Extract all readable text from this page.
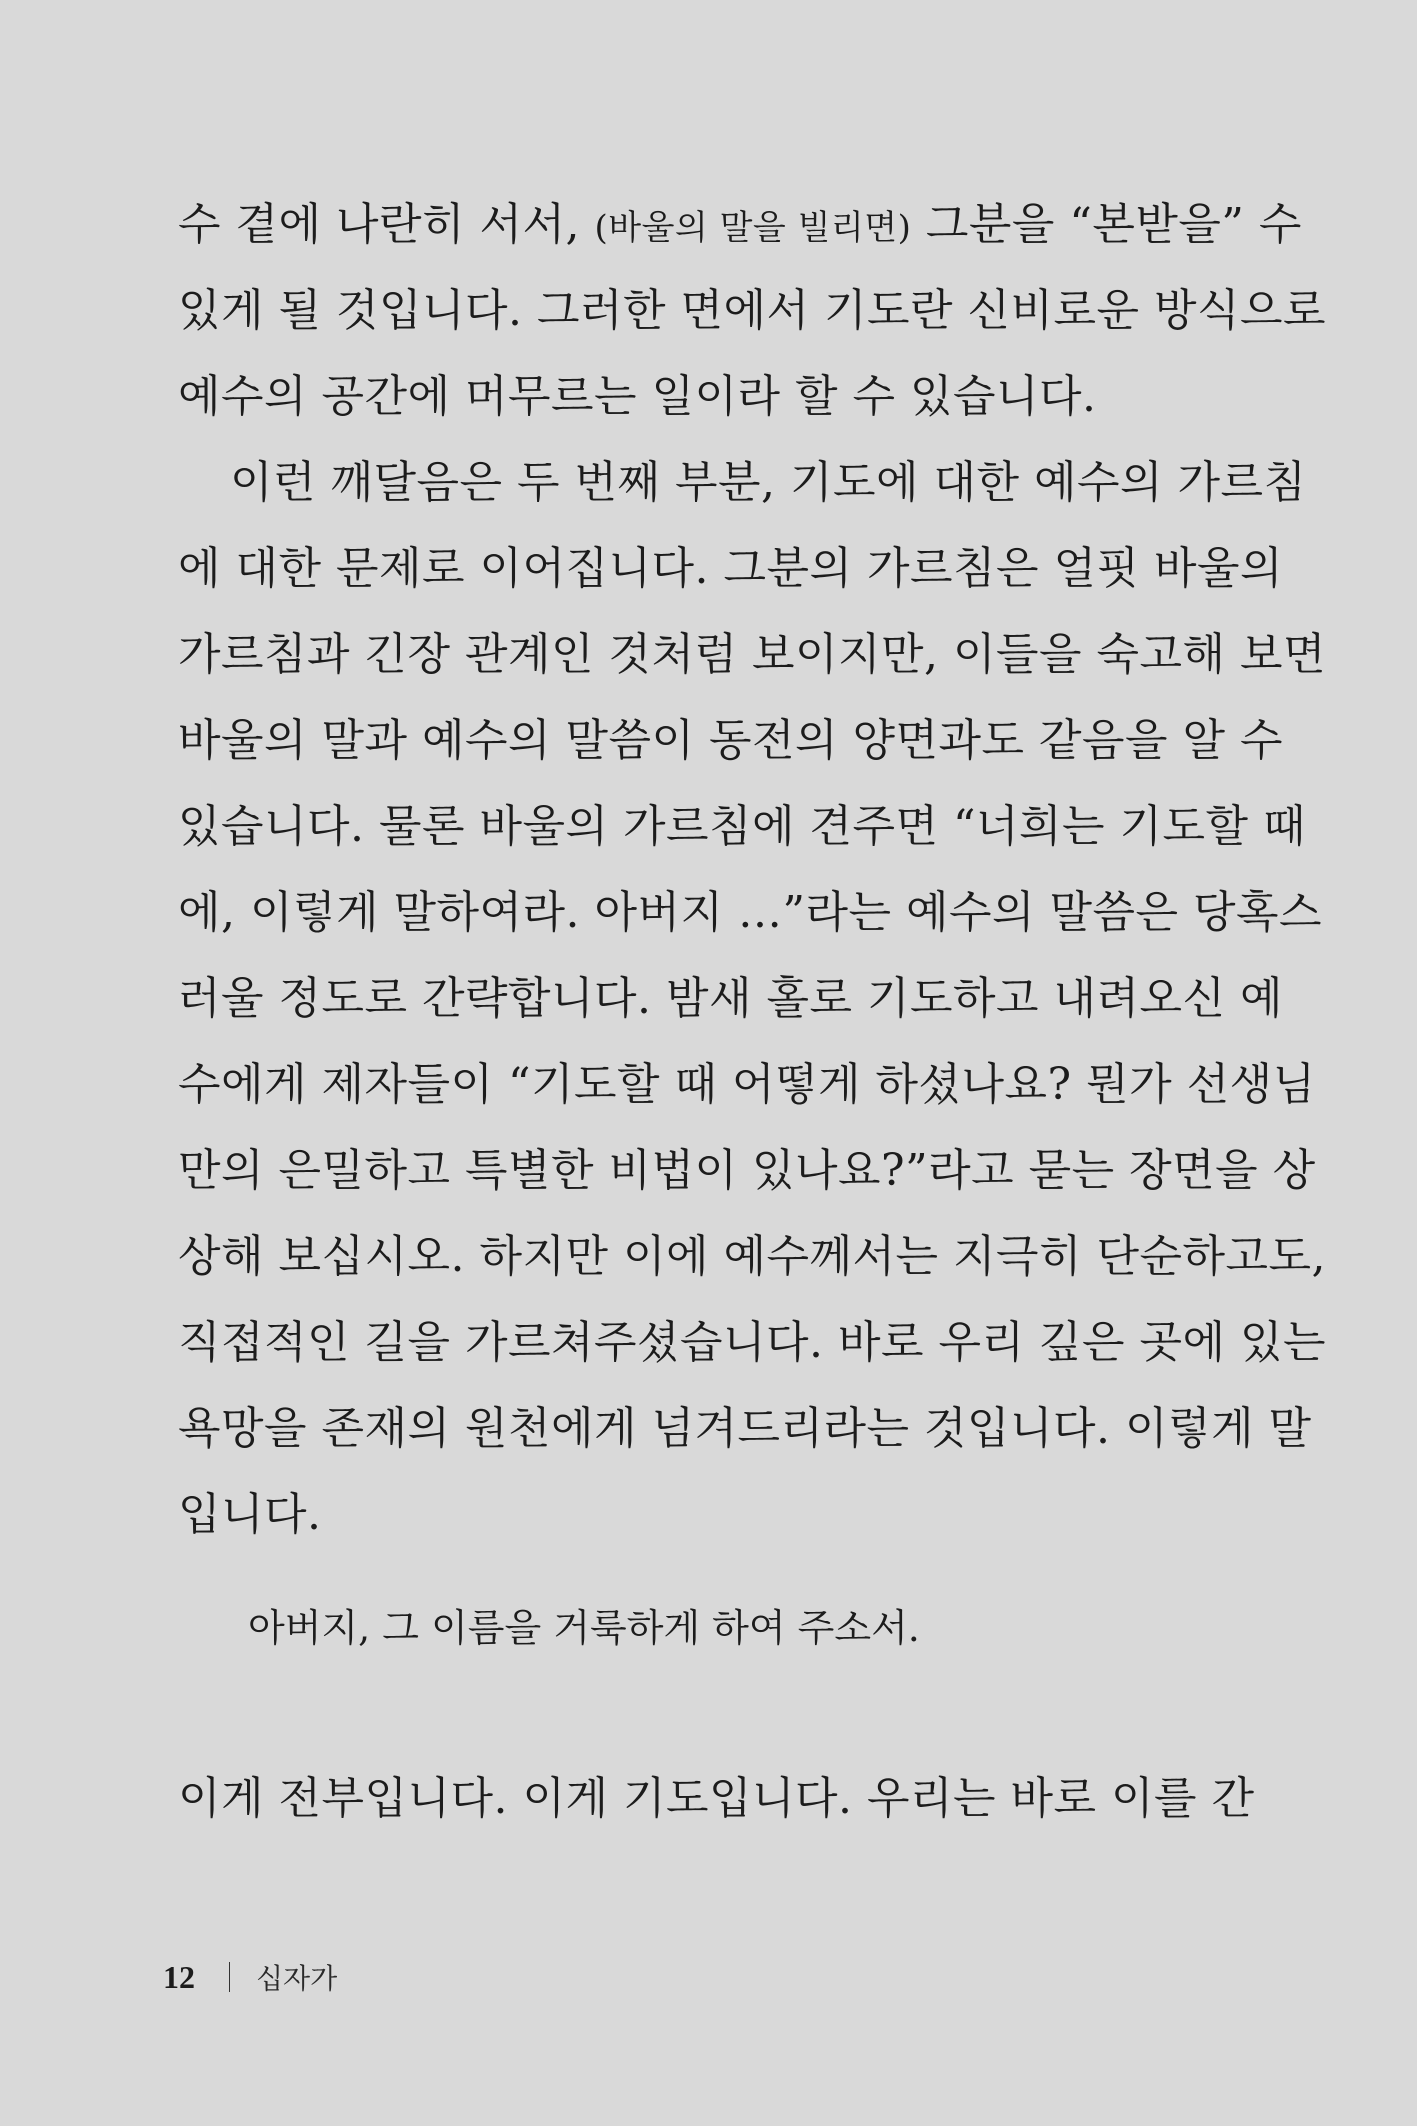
수 곁에 나란히 서서, (바울의 말을 빌리면) 그분을 “본받을” 수
있게 될 것입니다. 그러한 면에서 기도란 신비로운 방식으로
예수의 공간에 머무르는 일이라 할 수 있습니다.
이런 깨달음은 두 번째 부분, 기도에 대한 예수의 가르침
에 대한 문제로 이어집니다. 그분의 가르침은 얼핏 바울의
가르침과 긴장 관계인 것처럼 보이지만, 이들을 숙고해 보면
바울의 말과 예수의 말씀이 동전의 양면과도 같음을 알 수
있습니다. 물론 바울의 가르침에 견주면 “너희는 기도할 때
에, 이렇게 말하여라. 아버지 …”라는 예수의 말씀은 당혹스
러울 정도로 간략합니다. 밤새 홀로 기도하고 내려오신 예
수에게 제자들이 “기도할 때 어떻게 하셨나요? 뭔가 선생님
만의 은밀하고 특별한 비법이 있나요?”라고 묻는 장면을 상
상해 보십시오. 하지만 이에 예수께서는 지극히 단순하고도,
직접적인 길을 가르쳐주셨습니다. 바로 우리 깊은 곳에 있는
욕망을 존재의 원천에게 넘겨드리라는 것입니다. 이렇게 말
입니다.
아버지, 그 이름을 거룩하게 하여 주소서.
이게 전부입니다. 이게 기도입니다. 우리는 바로 이를 간
12 십자가
